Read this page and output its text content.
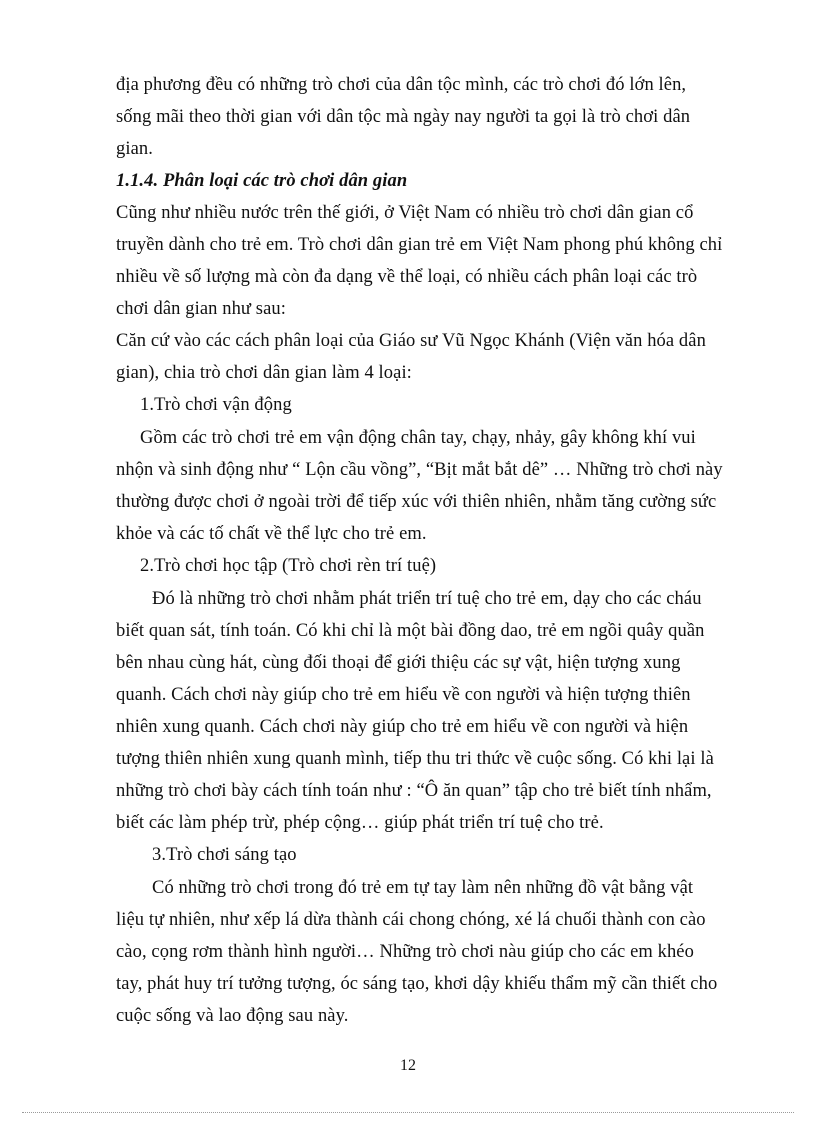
địa phương đều có những trò chơi của dân tộc mình, các trò chơi đó lớn lên,
sống mãi theo thời gian với dân tộc mà ngày nay người ta gọi là trò chơi dân
gian.
1.1.4. Phân loại các trò chơi dân gian
Cũng như nhiều nước trên thế giới, ở Việt Nam có nhiều trò chơi dân gian cổ
truyền dành cho trẻ em. Trò chơi dân gian trẻ em Việt Nam phong phú không chỉ
nhiều về số lượng mà còn đa dạng về thể loại, có nhiều cách phân loại các trò
chơi dân gian như sau:
Căn cứ vào các cách phân loại của Giáo sư Vũ Ngọc Khánh (Viện văn hóa dân
gian), chia trò chơi dân gian làm 4 loại:
1.Trò chơi vận động
Gồm các trò chơi trẻ em vận động chân tay, chạy, nhảy, gây không khí vui
nhộn và sinh động như “ Lộn cầu vồng”, “Bịt mắt bắt dê” … Những trò chơi này
thường được chơi ở ngoài trời để tiếp xúc với thiên nhiên, nhằm tăng cường sức
khỏe và các tố chất về thể lực cho trẻ em.
2.Trò chơi học tập (Trò chơi rèn trí tuệ)
Đó là những trò chơi nhằm phát triển trí tuệ cho trẻ em, dạy cho các cháu
biết quan sát, tính toán. Có khi chỉ là một bài đồng dao, trẻ em ngồi quây quần
bên nhau cùng hát, cùng đối thoại để giới thiệu các sự vật, hiện tượng xung
quanh. Cách chơi này giúp cho trẻ em hiểu về con người và hiện tượng thiên
nhiên xung quanh. Cách chơi này giúp cho trẻ em hiểu về con người và hiện
tượng thiên nhiên xung quanh mình, tiếp thu tri thức về cuộc sống. Có khi lại là
những trò chơi bày cách tính toán như : “Ô ăn quan” tập cho trẻ biết tính nhẩm,
biết các làm phép trừ, phép cộng… giúp phát triển trí tuệ cho trẻ.
3.Trò chơi sáng tạo
Có những trò chơi trong đó trẻ em tự tay làm nên những đồ vật bằng vật
liệu tự nhiên, như xếp lá dừa thành cái chong chóng, xé lá chuối thành con cào
cào, cọng rơm thành hình người… Những trò chơi nàu giúp cho các em khéo
tay, phát huy trí tưởng tượng, óc sáng tạo, khơi dậy khiếu thẩm mỹ cần thiết cho
cuộc sống và lao động sau này.
12
